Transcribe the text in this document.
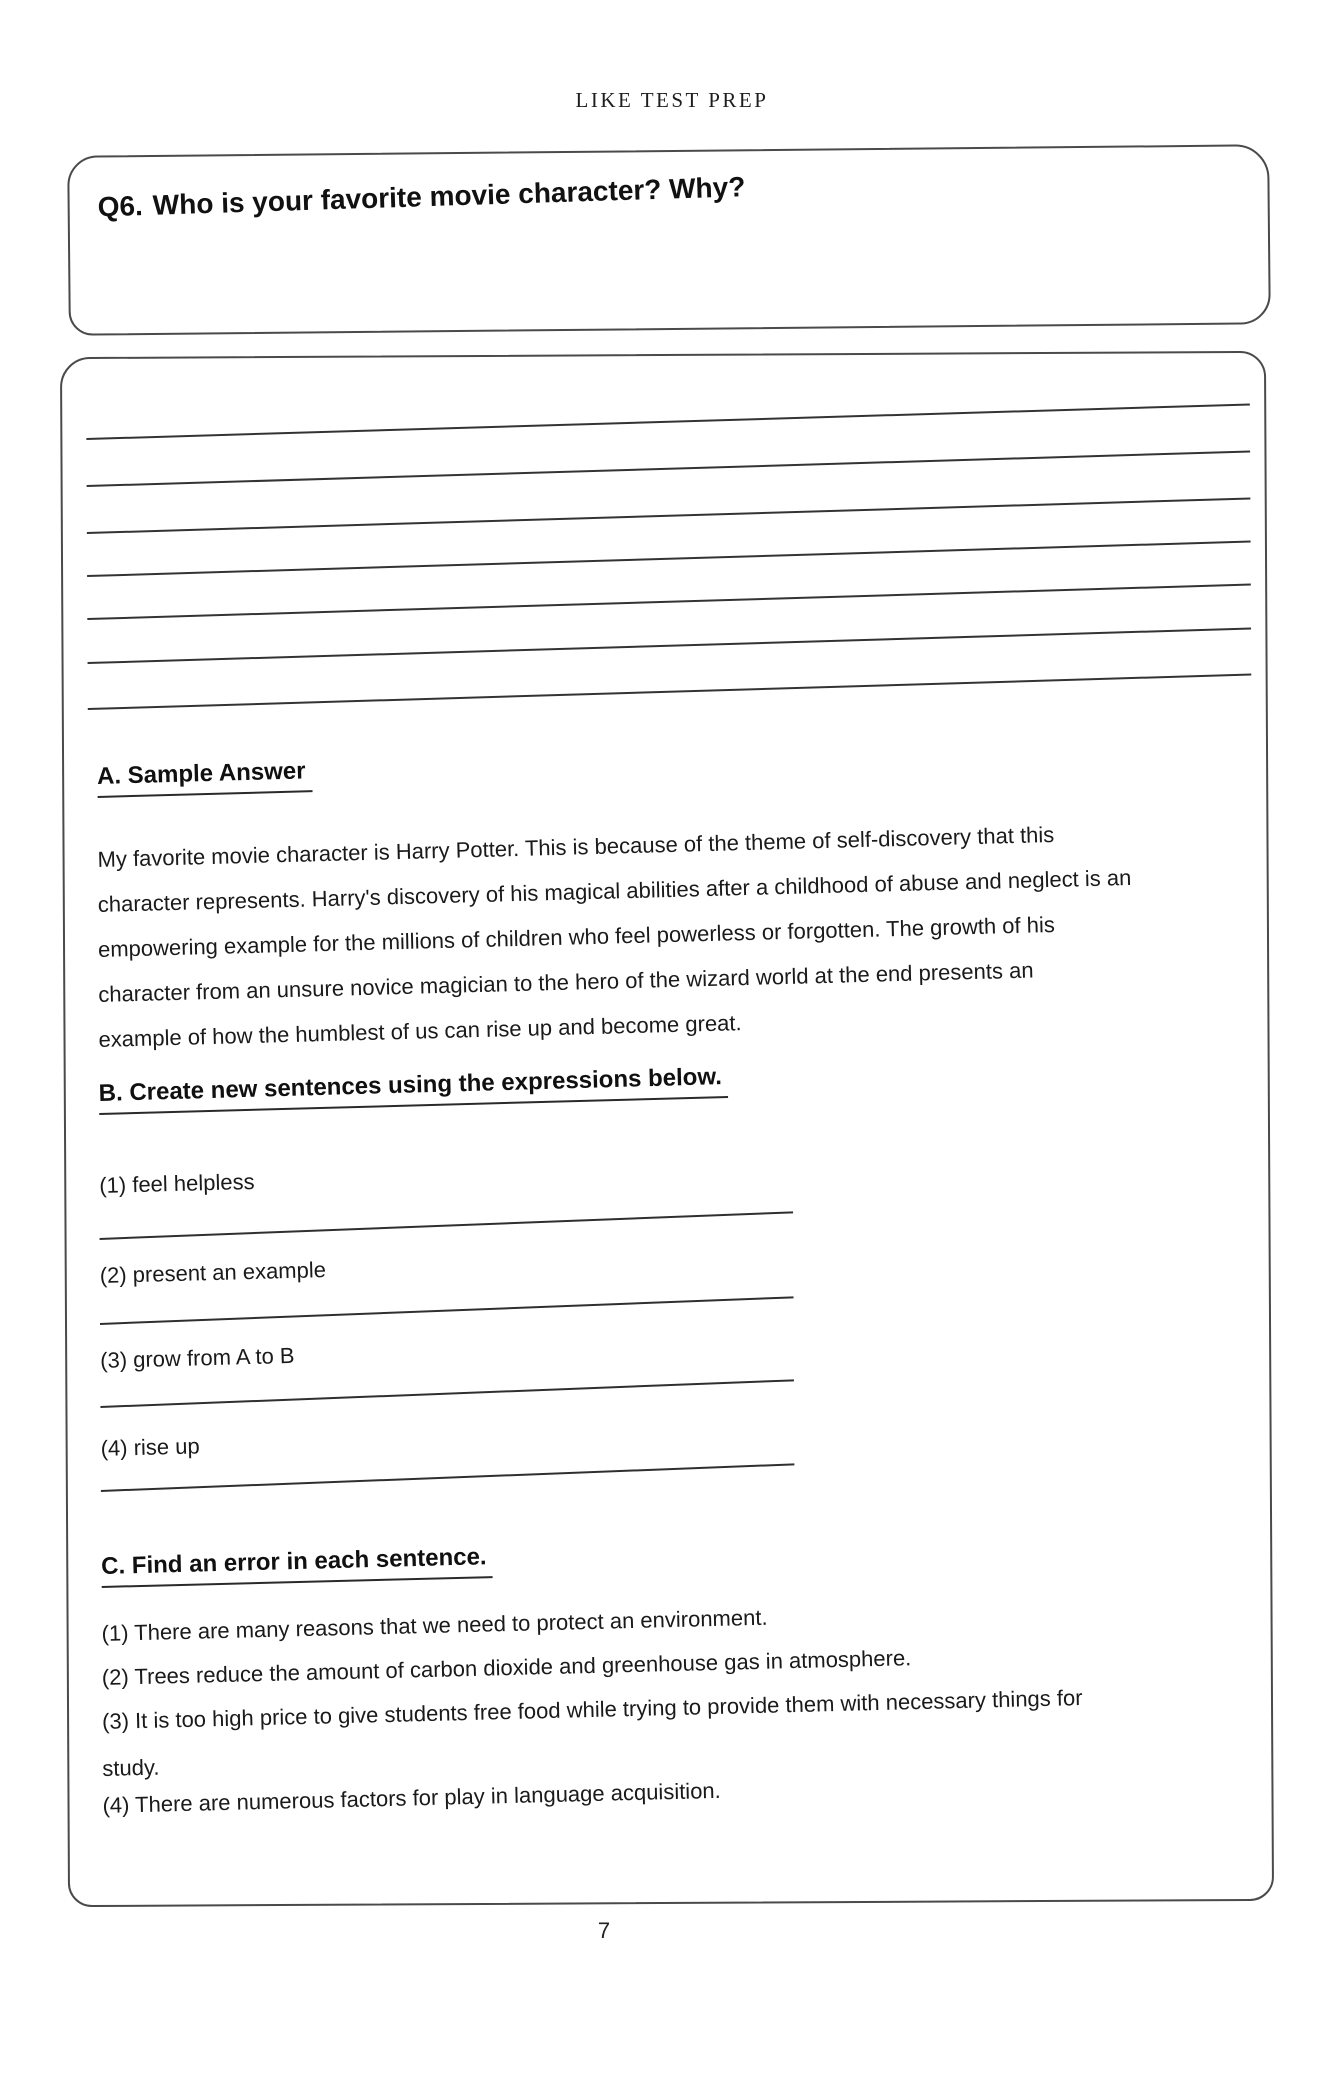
LIKE TEST PREP
Q6. Who is your favorite movie character? Why?
A. Sample Answer
My favorite movie character is Harry Potter. This is because of the theme of self-discovery that this
character represents. Harry's discovery of his magical abilities after a childhood of abuse and neglect is an
empowering example for the millions of children who feel powerless or forgotten. The growth of his
character from an unsure novice magician to the hero of the wizard world at the end presents an
example of how the humblest of us can rise up and become great.
B. Create new sentences using the expressions below.
(1) feel helpless
(2) present an example
(3) grow from A to B
(4) rise up
C. Find an error in each sentence.
(1) There are many reasons that we need to protect an environment.
(2) Trees reduce the amount of carbon dioxide and greenhouse gas in atmosphere.
(3) It is too high price to give students free food while trying to provide them with necessary things for
study.
(4) There are numerous factors for play in language acquisition.
7
